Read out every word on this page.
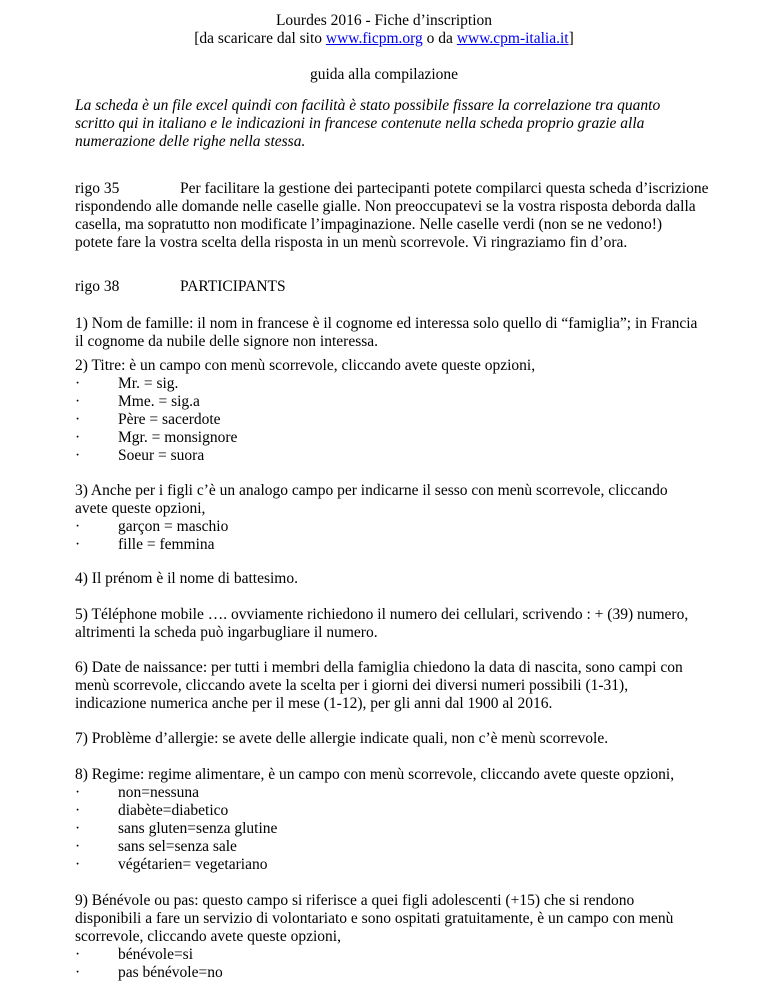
Lourdes 2016 - Fiche d’inscription
[da scaricare dal sito www.ficpm.org o da www.cpm-italia.it]
guida alla compilazione
La scheda è un file excel quindi con facilità è stato possibile fissare la correlazione tra quanto scritto qui in italiano e le indicazioni in francese contenute nella scheda proprio grazie alla numerazione delle righe nella stessa.
rigo 35	Per facilitare la gestione dei partecipanti potete compilarci questa scheda d’iscrizione
rispondendo alle domande nelle caselle gialle. Non preoccupatevi se la vostra risposta deborda dalla casella, ma sopratutto non modificate l’impaginazione. Nelle caselle verdi (non se ne vedono!) potete fare la vostra scelta della risposta in un menù scorrevole. Vi ringraziamo fin d’ora.
rigo 38	PARTICIPANTS
1) Nom de famille: il nom in francese è il cognome ed interessa solo quello di “famiglia”; in Francia il cognome da nubile delle signore non interessa.
2) Titre: è un campo con menù scorrevole, cliccando avete queste opzioni,
· Mr. = sig.
· Mme. = sig.a
· Père = sacerdote
· Mgr. = monsignore
· Soeur = suora
3) Anche per i figli c’è un analogo campo per indicarne il sesso con menù scorrevole, cliccando avete queste opzioni,
· garçon = maschio
· fille = femmina
4) Il prénom è il nome di battesimo.
5) Téléphone mobile …. ovviamente richiedono il numero dei cellulari, scrivendo : + (39) numero, altrimenti la scheda può ingarbugliare il numero.
6) Date de naissance: per tutti i membri della famiglia chiedono la data di nascita, sono campi con menù scorrevole, cliccando avete la scelta per i giorni dei diversi numeri possibili (1-31), indicazione numerica anche per il mese (1-12), per gli anni dal 1900 al 2016.
7) Problème d’allergie: se avete delle allergie indicate quali, non c’è menù scorrevole.
8) Regime: regime alimentare, è un campo con menù scorrevole, cliccando avete queste opzioni,
· non=nessuna
· diabète=diabetico
· sans gluten=senza glutine
· sans sel=senza sale
· végétarien= vegetariano
9) Bénévole ou pas: questo campo si riferisce a quei figli adolescenti (+15) che si rendono disponibili a fare un servizio di volontariato e sono ospitati gratuitamente, è un campo con menù scorrevole, cliccando avete queste opzioni,
· bénévole=si
· pas bénévole=no
